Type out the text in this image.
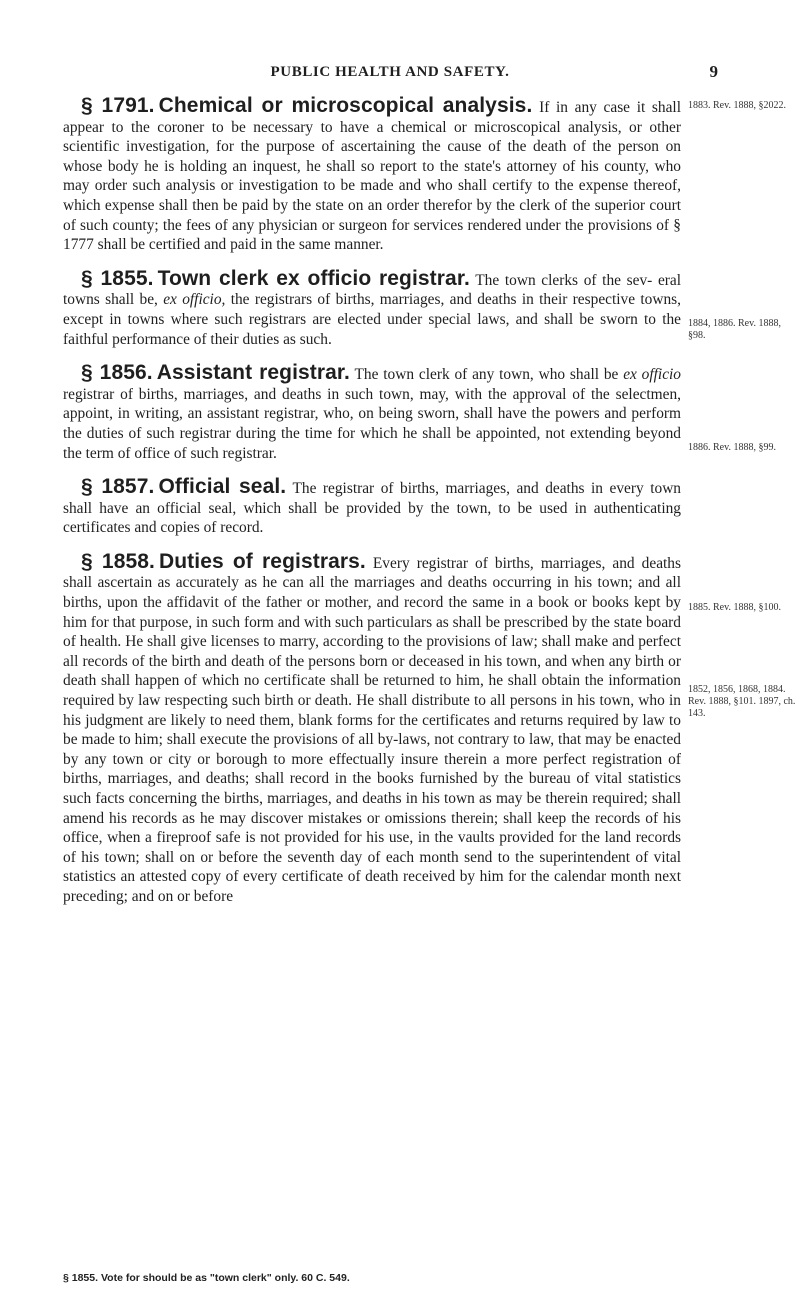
PUBLIC HEALTH AND SAFETY.	9

§ 1791. Chemical or microscopical analysis. If in any case it shall appear to the coroner to be necessary to have a chemical or microscopical analysis, or other scientific investigation, for the purpose of ascertaining the cause of the death of the person on whose body he is holding an inquest, he shall so report to the state's attorney of his county, who may order such analysis or investigation to be made and who shall certify to the expense thereof, which expense shall then be paid by the state on an order therefor by the clerk of the superior court of such county; the fees of any physician or surgeon for services rendered under the provisions of § 1777 shall be certified and paid in the same manner.

§ 1855. Town clerk ex officio registrar. The town clerks of the sev- eral towns shall be, ex officio, the registrars of births, marriages, and deaths in their respective towns, except in towns where such registrars are elected under special laws, and shall be sworn to the faithful performance of their duties as such.

§ 1856. Assistant registrar. The town clerk of any town, who shall be ex officio registrar of births, marriages, and deaths in such town, may, with the approval of the selectmen, appoint, in writing, an assistant registrar, who, on being sworn, shall have the powers and perform the duties of such registrar during the time for which he shall be appointed, not extending beyond the term of office of such registrar.

§ 1857. Official seal. The registrar of births, marriages, and deaths in every town shall have an official seal, which shall be provided by the town, to be used in authenticating certificates and copies of record.

§ 1858. Duties of registrars. Every registrar of births, marriages, and deaths shall ascertain as accurately as he can all the marriages and deaths occurring in his town; and all births, upon the affidavit of the father or mother, and record the same in a book or books kept by him for that purpose, in such form and with such particulars as shall be prescribed by the state board of health. He shall give licenses to marry, according to the provisions of law; shall make and perfect all records of the birth and death of the persons born or deceased in his town, and when any birth or death shall happen of which no certificate shall be returned to him, he shall obtain the information required by law respecting such birth or death. He shall distribute to all persons in his town, who in his judgment are likely to need them, blank forms for the certificates and returns required by law to be made to him; shall execute the provisions of all by-laws, not contrary to law, that may be enacted by any town or city or borough to more effectually insure therein a more perfect registration of births, marriages, and deaths; shall record in the books furnished by the bureau of vital statistics such facts concerning the births, marriages, and deaths in his town as may be therein required; shall amend his records as he may discover mistakes or omissions therein; shall keep the records of his office, when a fireproof safe is not provided for his use, in the vaults provided for the land records of his town; shall on or before the seventh day of each month send to the superintendent of vital statistics an attested copy of every certificate of death received by him for the calendar month next preceding; and on or before

1883. Rev. 1888, §2022.
1884, 1886. Rev. 1888, §98.
1886. Rev. 1888, §99.
1885. Rev. 1888, §100.
1852, 1856, 1868, 1884. Rev. 1888, §101. 1897, ch. 143.
§ 1855. Vote for should be as "town clerk" only. 60 C. 549.
